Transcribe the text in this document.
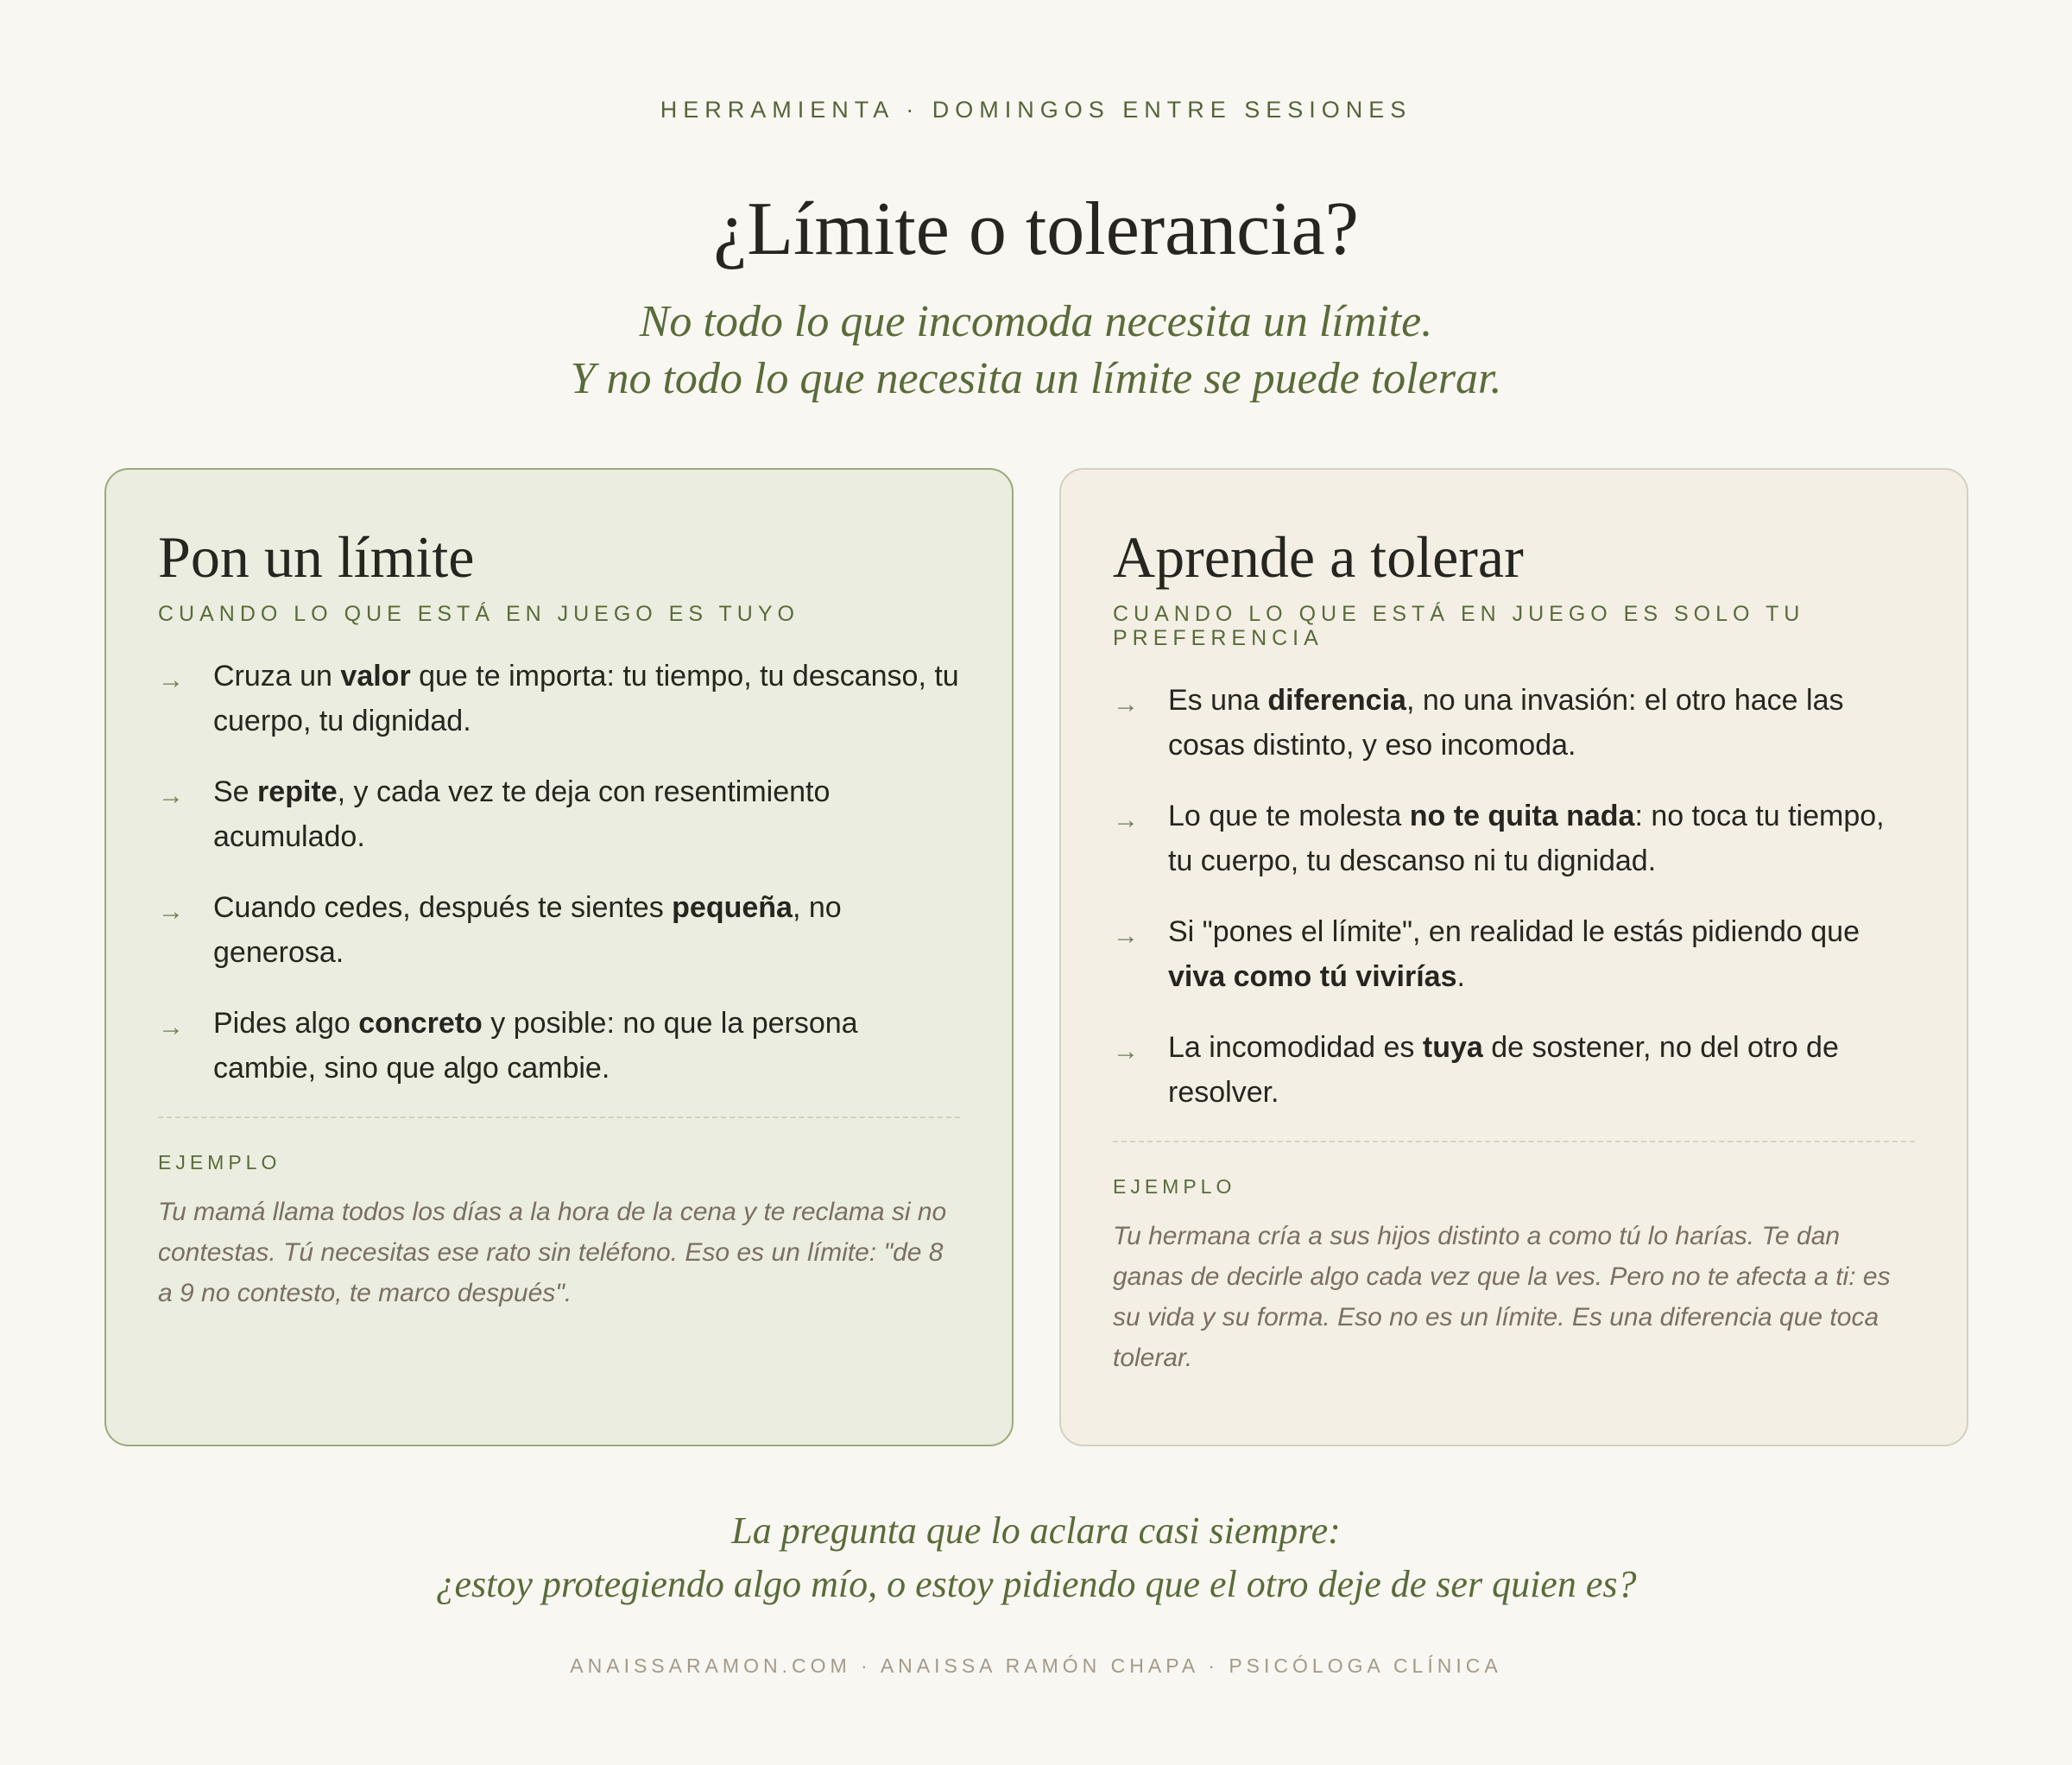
HERRAMIENTA · DOMINGOS ENTRE SESIONES
¿Límite o tolerancia?
No todo lo que incomoda necesita un límite.
Y no todo lo que necesita un límite se puede tolerar.
Pon un límite
CUANDO LO QUE ESTÁ EN JUEGO ES TUYO
→	Cruza un valor que te importa: tu tiempo, tu descanso, tu cuerpo, tu dignidad.
→	Se repite, y cada vez te deja con resentimiento acumulado.
→	Cuando cedes, después te sientes pequeña, no generosa.
→	Pides algo concreto y posible: no que la persona cambie, sino que algo cambie.
EJEMPLO

Tu mamá llama todos los días a la hora de la cena y te reclama si no contestas. Tú necesitas ese rato sin teléfono. Eso es un límite: "de 8 a 9 no contesto, te marco después".

Aprende a tolerar
CUANDO LO QUE ESTÁ EN JUEGO ES SOLO TU PREFERENCIA
→	Es una diferencia, no una invasión: el otro hace las cosas distinto, y eso incomoda.
→	Lo que te molesta no te quita nada: no toca tu tiempo, tu cuerpo, tu descanso ni tu dignidad.
→	Si "pones el límite", en realidad le estás pidiendo que viva como tú vivirías.
→	La incomodidad es tuya de sostener, no del otro de resolver.
EJEMPLO

Tu hermana cría a sus hijos distinto a como tú lo harías. Te dan ganas de decirle algo cada vez que la ves. Pero no te afecta a ti: es su vida y su forma. Eso no es un límite. Es una diferencia que toca tolerar.

La pregunta que lo aclara casi siempre:
¿estoy protegiendo algo mío, o estoy pidiendo que el otro deje de ser quien es?
ANAISSARAMON.COM · ANAISSA RAMÓN CHAPA · PSICÓLOGA CLÍNICA
